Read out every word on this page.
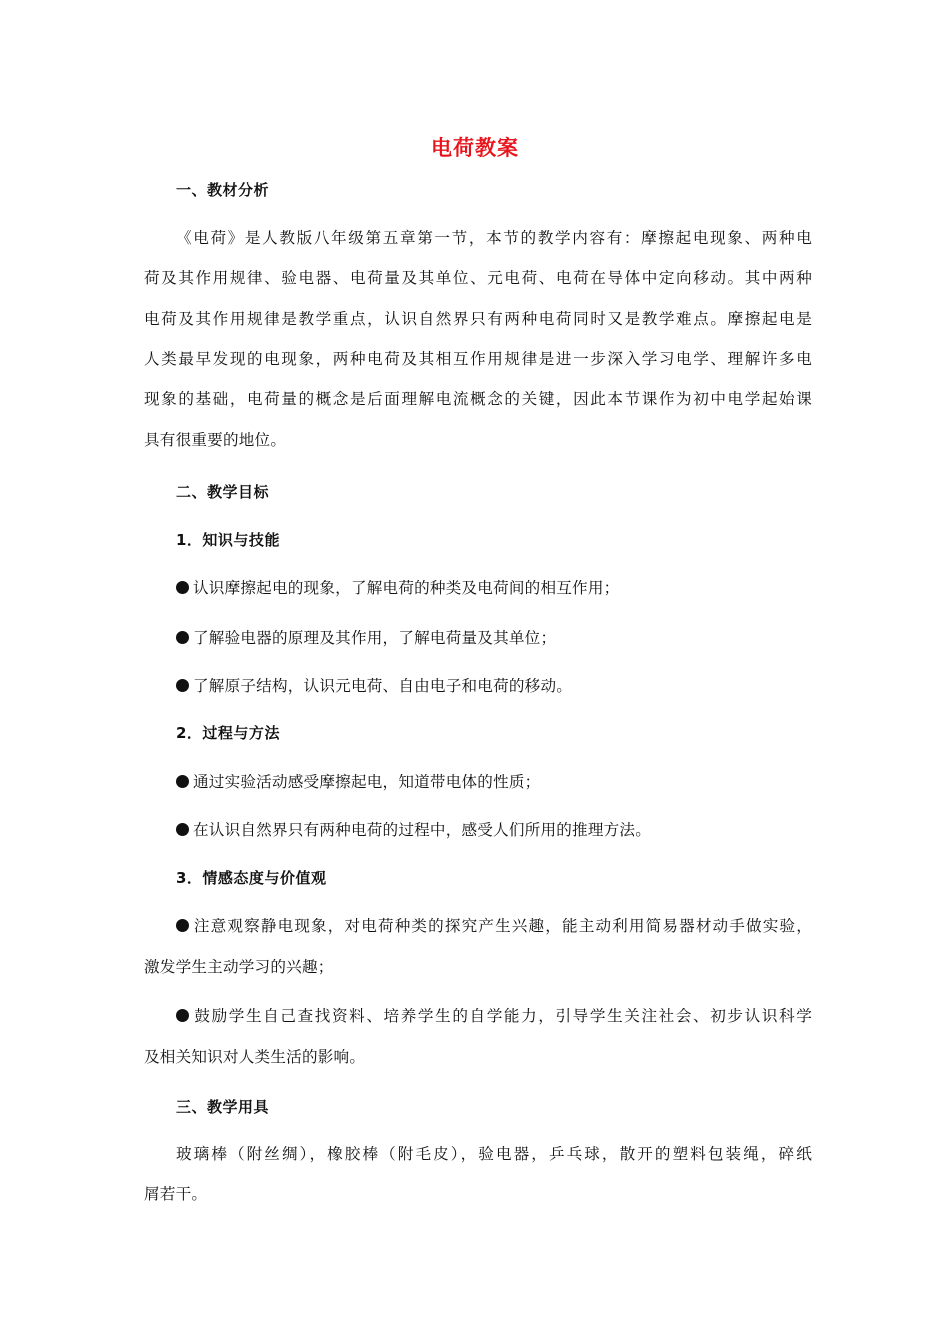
电荷教案
一、教材分析
《电荷》是人教版八年级第五章第一节，本节的教学内容有：摩擦起电现象、两种电
荷及其作用规律、验电器、电荷量及其单位、元电荷、电荷在导体中定向移动。其中两种
电荷及其作用规律是教学重点，认识自然界只有两种电荷同时又是教学难点。摩擦起电是
人类最早发现的电现象，两种电荷及其相互作用规律是进一步深入学习电学、理解许多电
现象的基础，电荷量的概念是后面理解电流概念的关键，因此本节课作为初中电学起始课
具有很重要的地位。
二、教学目标
1．知识与技能
认识摩擦起电的现象，了解电荷的种类及电荷间的相互作用；
了解验电器的原理及其作用，了解电荷量及其单位；
了解原子结构，认识元电荷、自由电子和电荷的移动。
2．过程与方法
通过实验活动感受摩擦起电，知道带电体的性质；
在认识自然界只有两种电荷的过程中，感受人们所用的推理方法。
3．情感态度与价值观
注意观察静电现象，对电荷种类的探究产生兴趣，能主动利用简易器材动手做实验，
激发学生主动学习的兴趣；
鼓励学生自己查找资料、培养学生的自学能力，引导学生关注社会、初步认识科学
及相关知识对人类生活的影响。
三、教学用具
玻璃棒（附丝绸），橡胶棒（附毛皮），验电器，乒乓球，散开的塑料包装绳，碎纸
屑若干。
